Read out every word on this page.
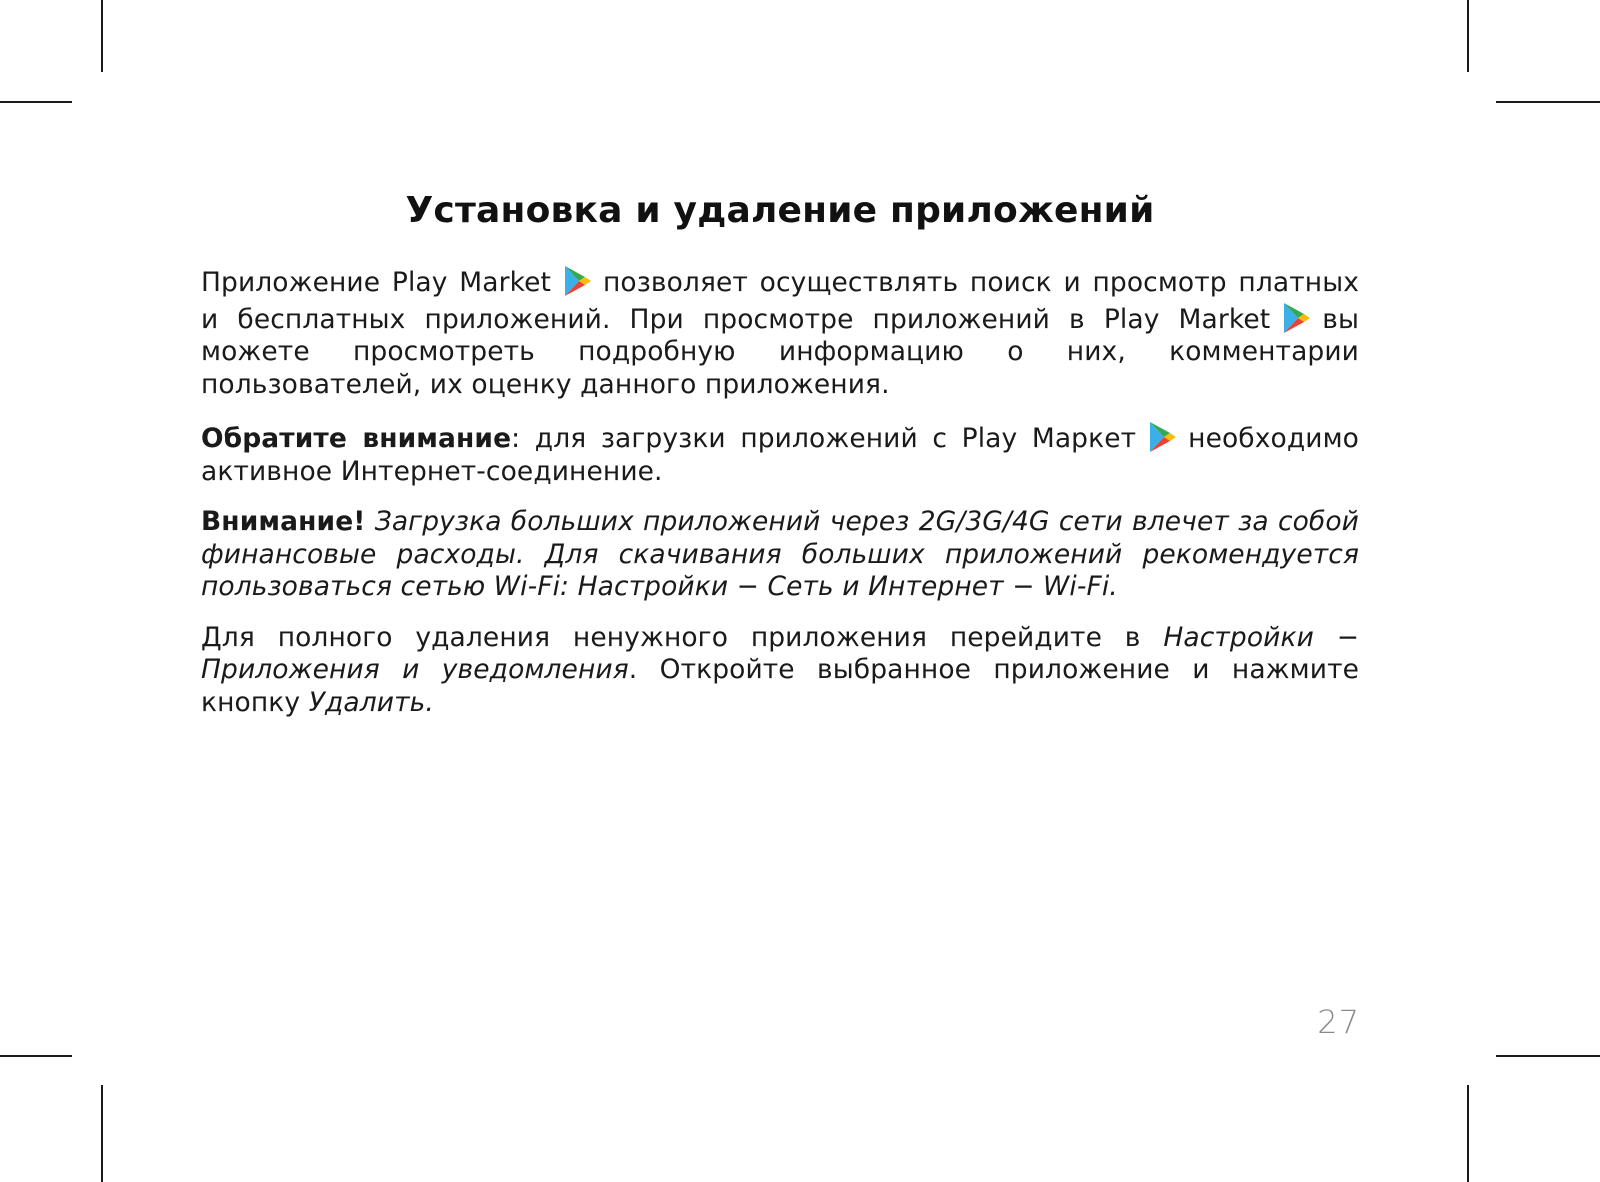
Установка и удаление приложений

Приложение Play Market позволяет осуществлять поиск и просмотр платных и бесплатных приложений. При просмотре приложений в Play Market вы можете просмотреть подробную информацию о них, комментарии пользователей, их оценку данного приложения.

Обратите внимание: для загрузки приложений с Play Маркет необходимо активное Интернет-соединение.

Внимание! Загрузка больших приложений через 2G/3G/4G сети влечет за собой финансовые расходы. Для скачивания больших приложений рекомендуется пользоваться сетью Wi-Fi: Настройки − Сеть и Интернет − Wi-Fi.

Для полного удаления ненужного приложения перейдите в Настройки − Приложения и уведомления. Откройте выбранное приложение и нажмите кнопку Удалить.

27
